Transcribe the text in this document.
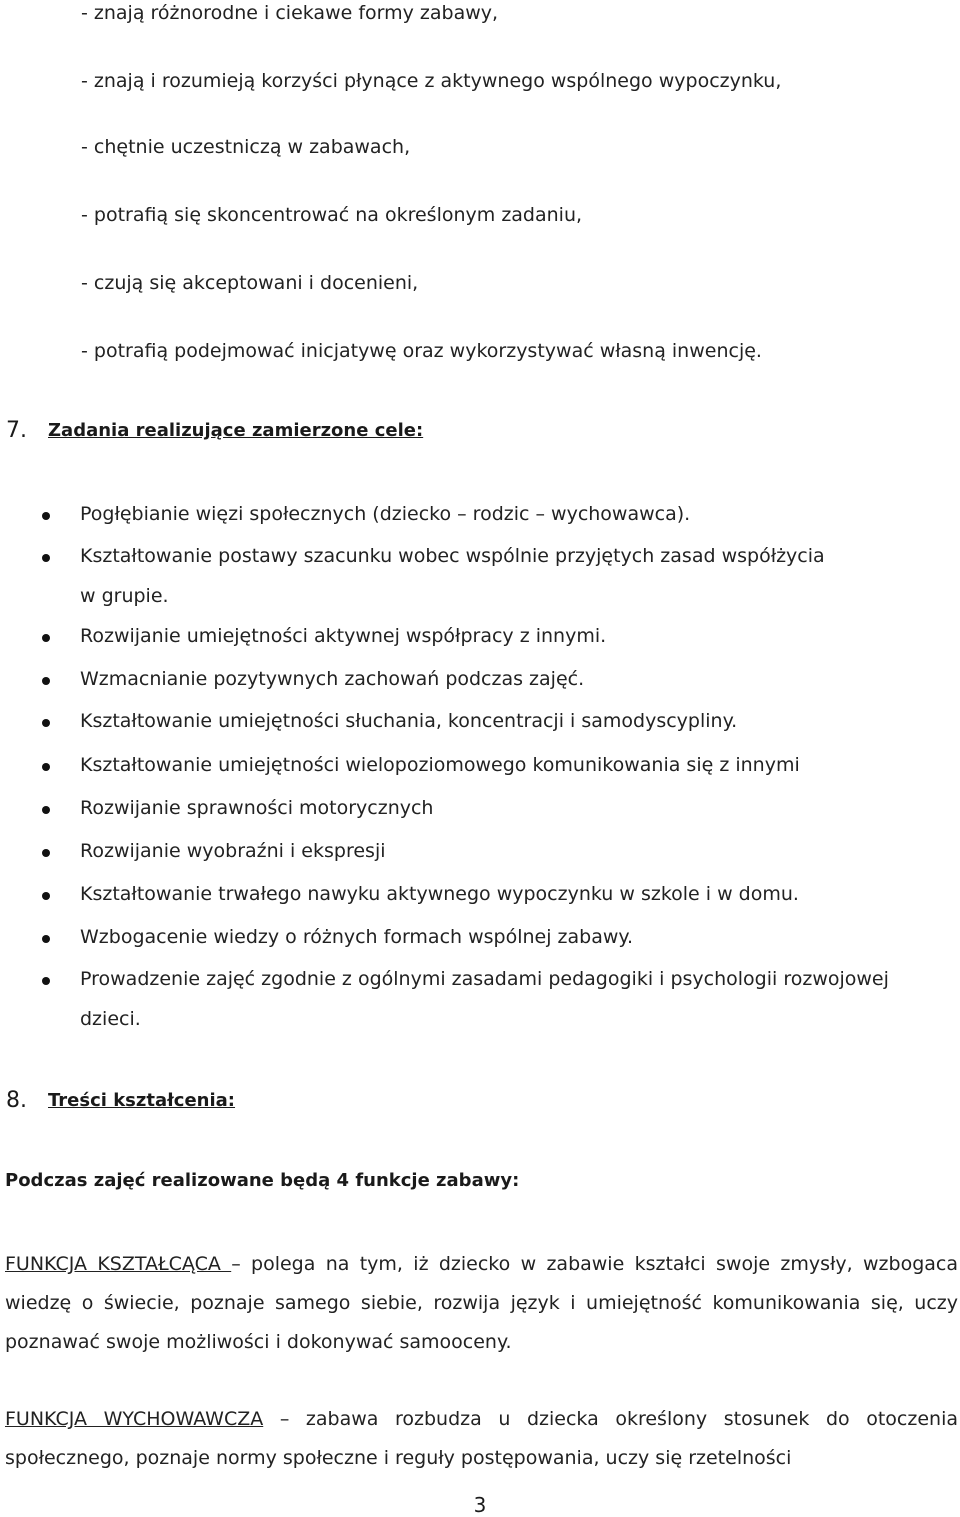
- znają różnorodne i ciekawe formy zabawy,
- znają i rozumieją korzyści płynące z aktywnego wspólnego wypoczynku,
- chętnie uczestniczą w zabawach,
- potrafią się skoncentrować na określonym zadaniu,
- czują się akceptowani i docenieni,
- potrafią podejmować inicjatywę oraz wykorzystywać własną inwencję.
7. Zadania realizujące zamierzone cele:
Pogłębianie więzi społecznych (dziecko – rodzic – wychowawca).
Kształtowanie postawy szacunku wobec wspólnie przyjętych zasad współżycia
w grupie.
Rozwijanie umiejętności aktywnej współpracy z innymi.
Wzmacnianie pozytywnych zachowań podczas zajęć.
Kształtowanie umiejętności słuchania, koncentracji i samodyscypliny.
Kształtowanie umiejętności wielopoziomowego komunikowania się z innymi
Rozwijanie sprawności motorycznych
Rozwijanie wyobraźni i ekspresji
Kształtowanie trwałego nawyku aktywnego wypoczynku w szkole i w domu.
Wzbogacenie wiedzy o różnych formach wspólnej zabawy.
Prowadzenie zajęć zgodnie z ogólnymi zasadami pedagogiki i psychologii rozwojowej
dzieci.
8. Treści kształcenia:
Podczas zajęć realizowane będą 4 funkcje zabawy:
FUNKCJA KSZTAŁCĄCA – polega na tym, iż dziecko w zabawie kształci swoje zmysły, wzbogaca wiedzę o świecie, poznaje samego siebie, rozwija język i umiejętność komunikowania się, uczy poznawać swoje możliwości i dokonywać samooceny.
FUNKCJA WYCHOWAWCZA – zabawa rozbudza u dziecka określony stosunek do otoczenia społecznego, poznaje normy społeczne i reguły postępowania, uczy się rzetelności
3
